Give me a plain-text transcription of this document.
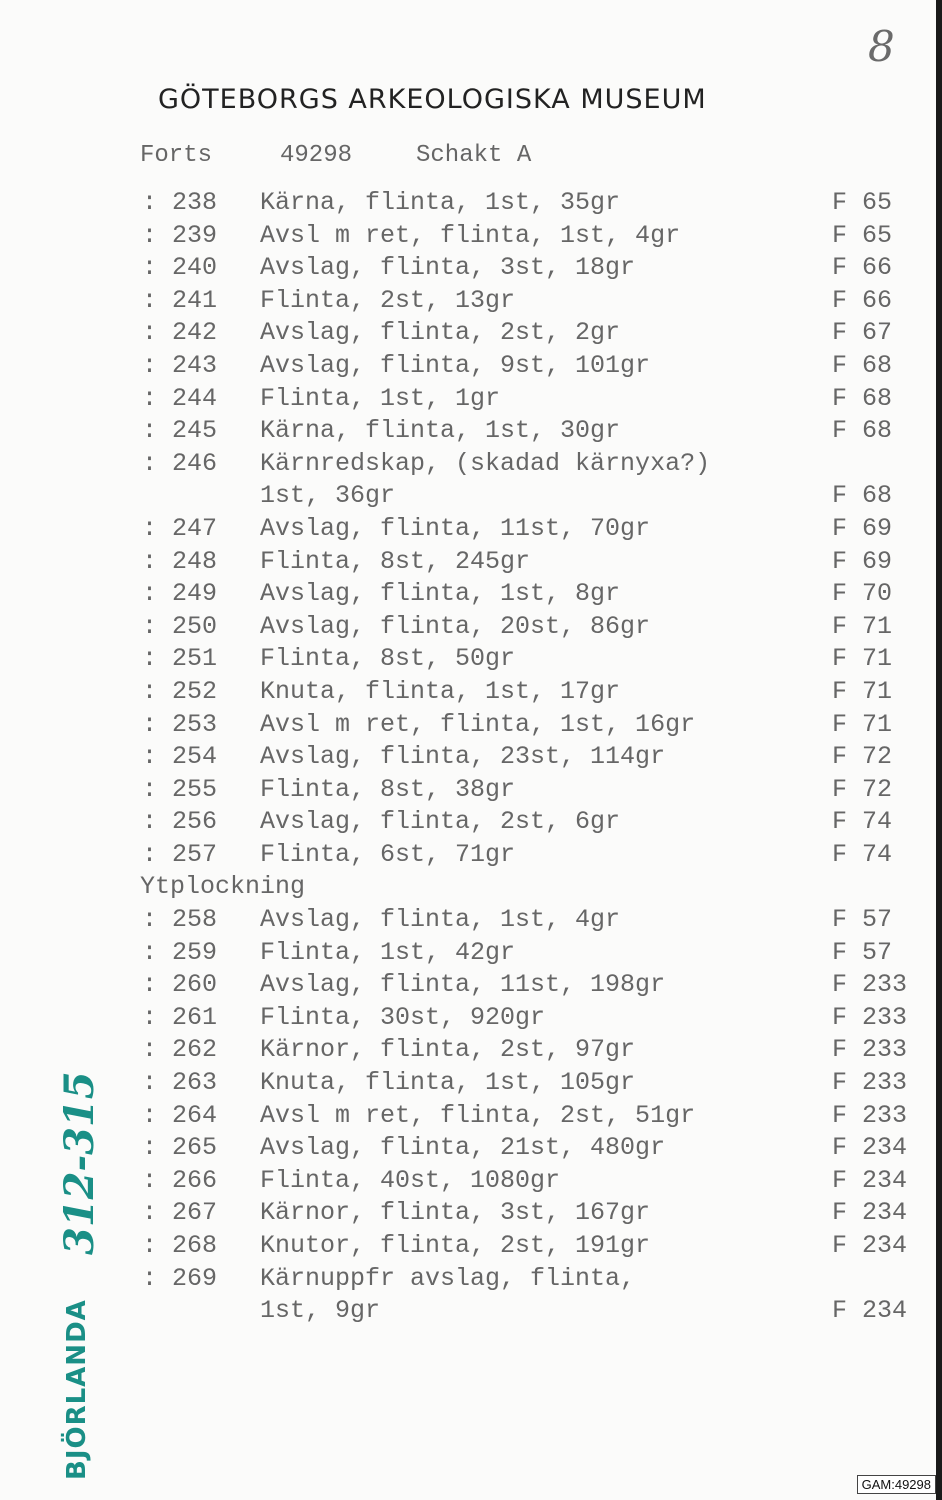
8
GÖTEBORGS ARKEOLOGISKA MUSEUM
Forts	49298	Schakt A
: 238 Kärna, flinta, 1st, 35gr	F 65
: 239 Avsl m ret, flinta, 1st, 4gr	F 65
: 240 Avslag, flinta, 3st, 18gr	F 66
: 241 Flinta, 2st, 13gr	F 66
: 242 Avslag, flinta, 2st, 2gr	F 67
: 243 Avslag, flinta, 9st, 101gr	F 68
: 244 Flinta, 1st, 1gr	F 68
: 245 Kärna, flinta, 1st, 30gr	F 68
: 246 Kärnredskap, (skadad kärnyxa?)
1st, 36gr	F 68
: 247 Avslag, flinta, 11st, 70gr	F 69
: 248 Flinta, 8st, 245gr	F 69
: 249 Avslag, flinta, 1st, 8gr	F 70
: 250 Avslag, flinta, 20st, 86gr	F 71
: 251 Flinta, 8st, 50gr	F 71
: 252 Knuta, flinta, 1st, 17gr	F 71
: 253 Avsl m ret, flinta, 1st, 16gr	F 71
: 254 Avslag, flinta, 23st, 114gr	F 72
: 255 Flinta, 8st, 38gr	F 72
: 256 Avslag, flinta, 2st, 6gr	F 74
: 257 Flinta, 6st, 71gr	F 74
Ytplockning
: 258 Avslag, flinta, 1st, 4gr	F 57
: 259 Flinta, 1st, 42gr	F 57
: 260 Avslag, flinta, 11st, 198gr	F 233
: 261 Flinta, 30st, 920gr	F 233
: 262 Kärnor, flinta, 2st, 97gr	F 233
: 263 Knuta, flinta, 1st, 105gr	F 233
: 264 Avsl m ret, flinta, 2st, 51gr	F 233
: 265 Avslag, flinta, 21st, 480gr	F 234
: 266 Flinta, 40st, 1080gr	F 234
: 267 Kärnor, flinta, 3st, 167gr	F 234
: 268 Knutor, flinta, 2st, 191gr	F 234
: 269 Kärnuppfr avslag, flinta,
1st, 9gr	F 234
312-315
BJÖRLANDA
GAM:49298
